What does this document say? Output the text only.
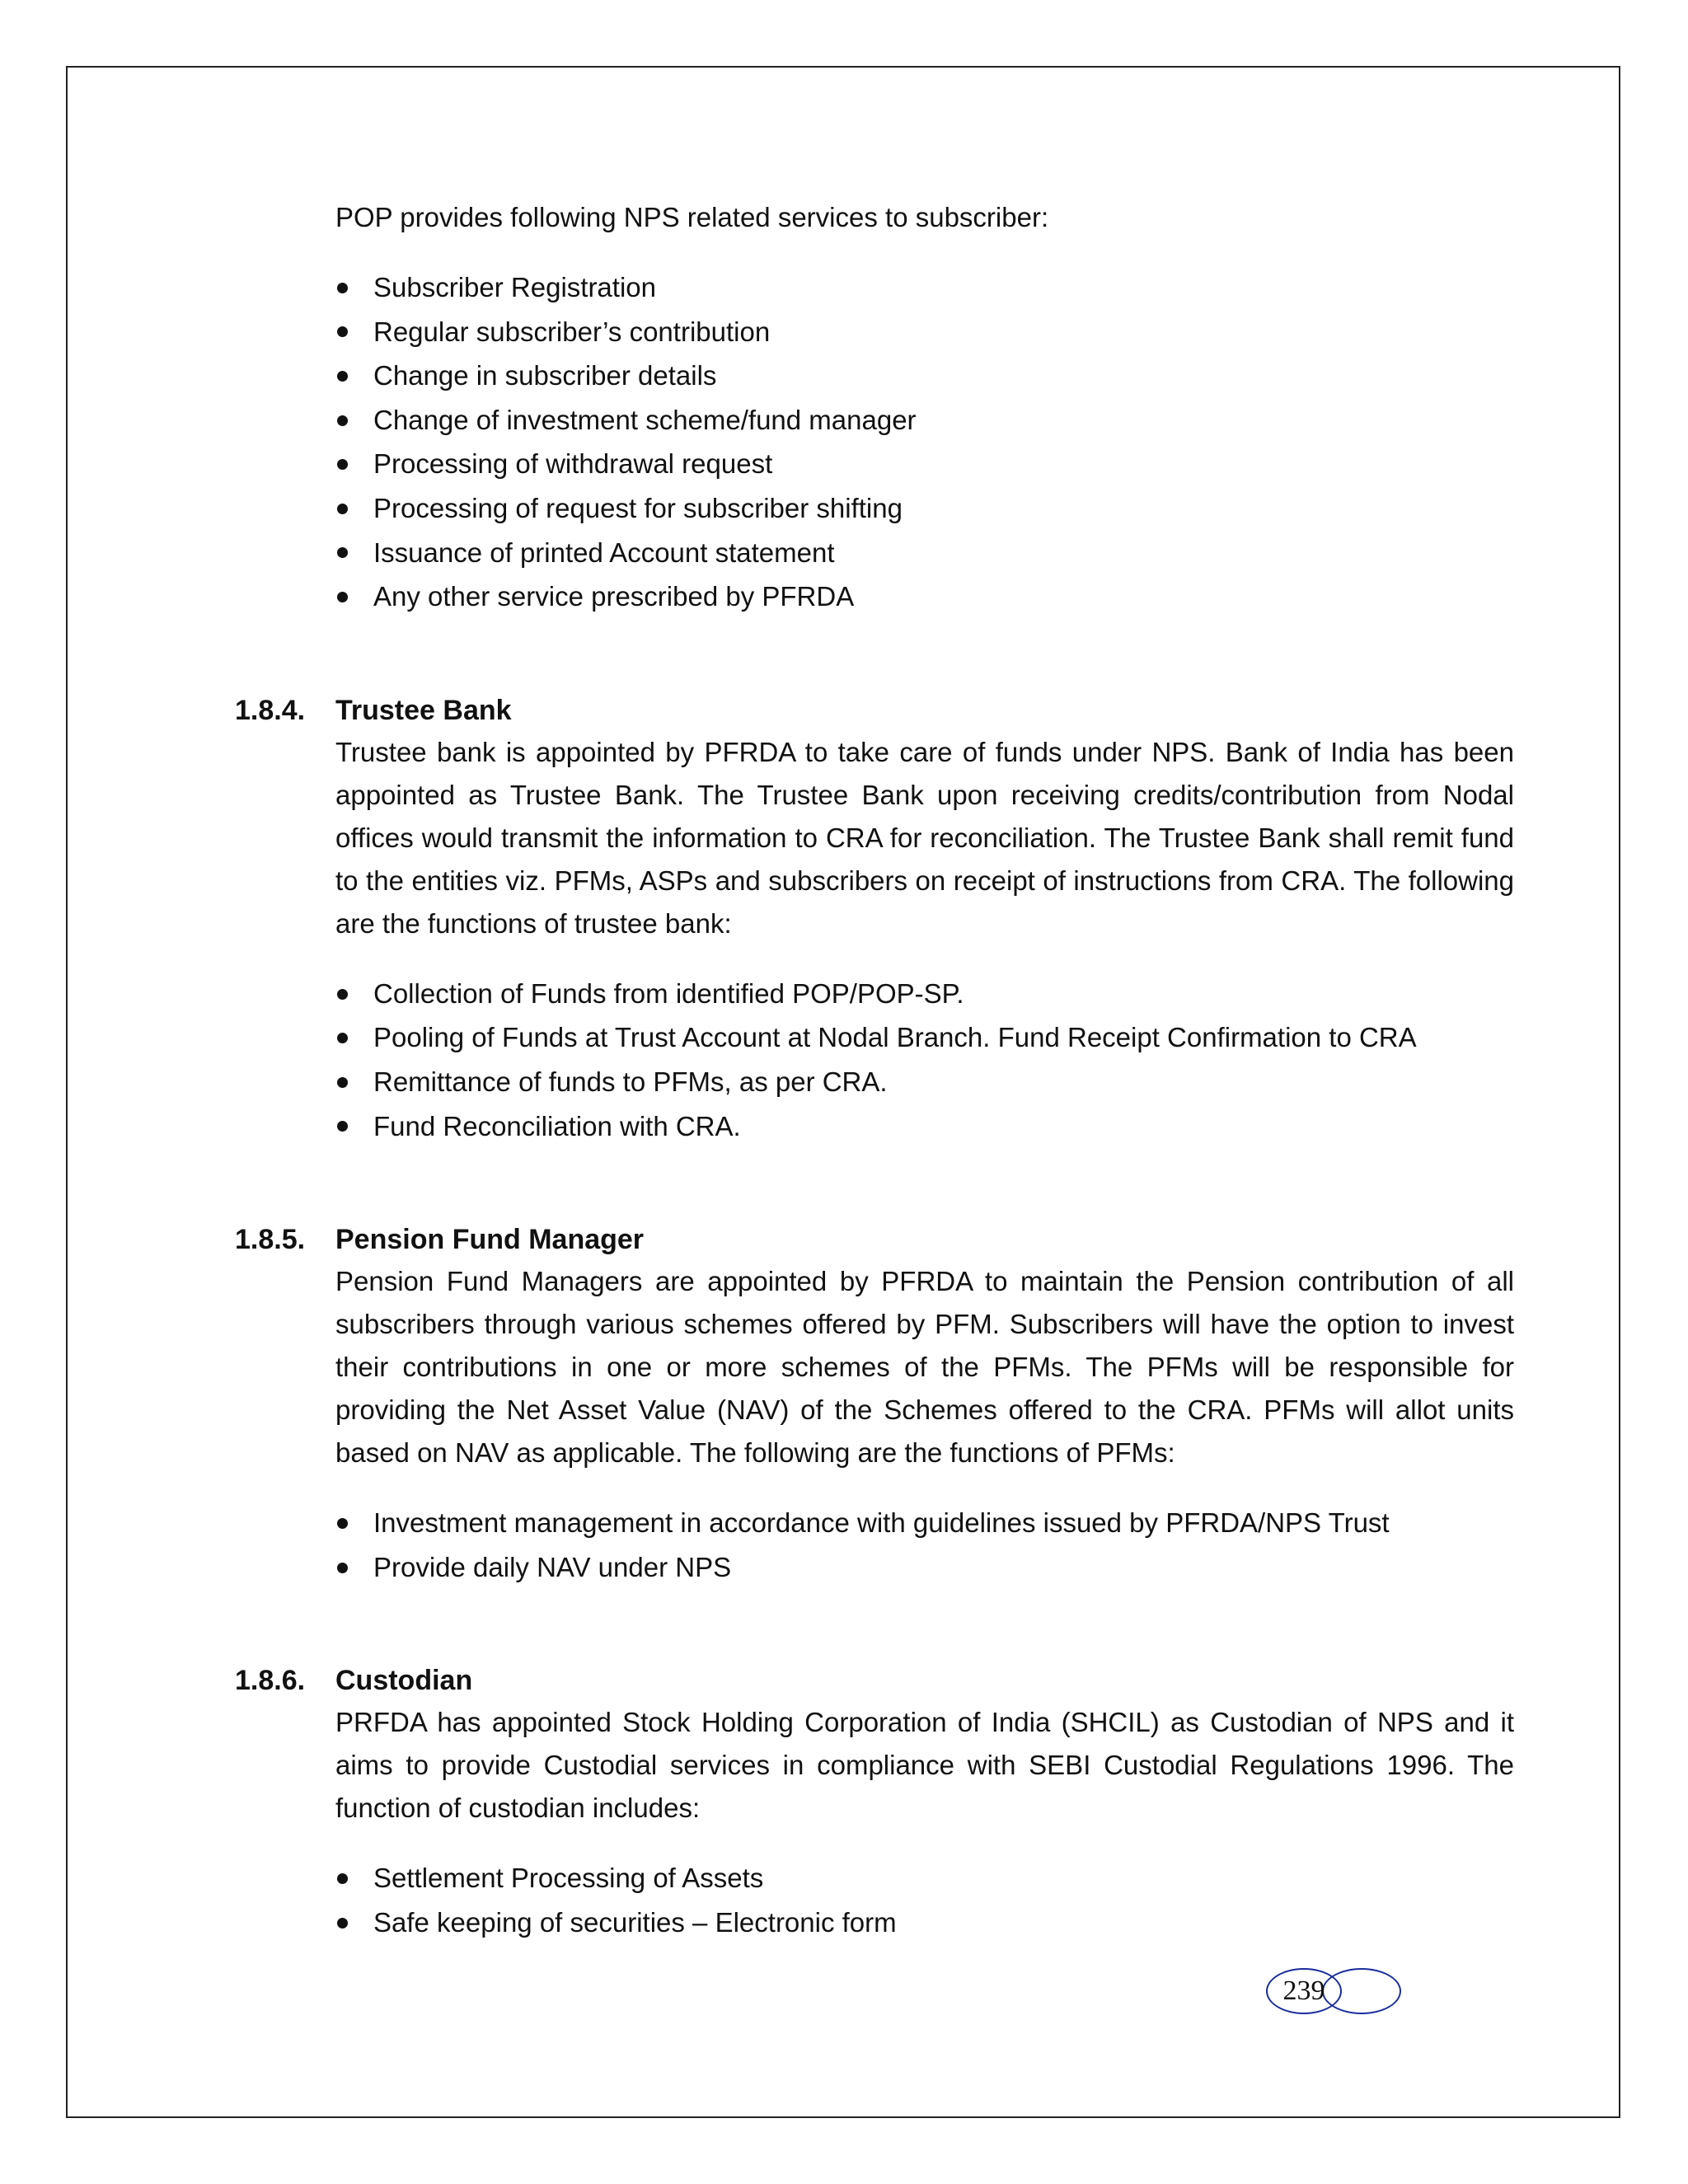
POP provides following NPS related services to subscriber:

Subscriber Registration
Regular subscriber’s contribution
Change in subscriber details
Change of investment scheme/fund manager
Processing of withdrawal request
Processing of request for subscriber shifting
Issuance of printed Account statement
Any other service prescribed by PFRDA
1.8.4. Trustee Bank

Trustee bank is appointed by PFRDA to take care of funds under NPS. Bank of India has been appointed as Trustee Bank. The Trustee Bank upon receiving credits/contribution from Nodal offices would transmit the information to CRA for reconciliation. The Trustee Bank shall remit fund to the entities viz. PFMs, ASPs and subscribers on receipt of instructions from CRA. The following are the functions of trustee bank:

Collection of Funds from identified POP/POP-SP.
Pooling of Funds at Trust Account at Nodal Branch. Fund Receipt Confirmation to CRA
Remittance of funds to PFMs, as per CRA.
Fund Reconciliation with CRA.
1.8.5. Pension Fund Manager

Pension Fund Managers are appointed by PFRDA to maintain the Pension contribution of all subscribers through various schemes offered by PFM. Subscribers will have the option to invest their contributions in one or more schemes of the PFMs. The PFMs will be responsible for providing the Net Asset Value (NAV) of the Schemes offered to the CRA. PFMs will allot units based on NAV as applicable. The following are the functions of PFMs:

Investment management in accordance with guidelines issued by PFRDA/NPS Trust
Provide daily NAV under NPS
1.8.6. Custodian

PRFDA has appointed Stock Holding Corporation of India (SHCIL) as Custodian of NPS and it aims to provide Custodial services in compliance with SEBI Custodial Regulations 1996. The function of custodian includes:

Settlement Processing of Assets
Safe keeping of securities – Electronic form
239
